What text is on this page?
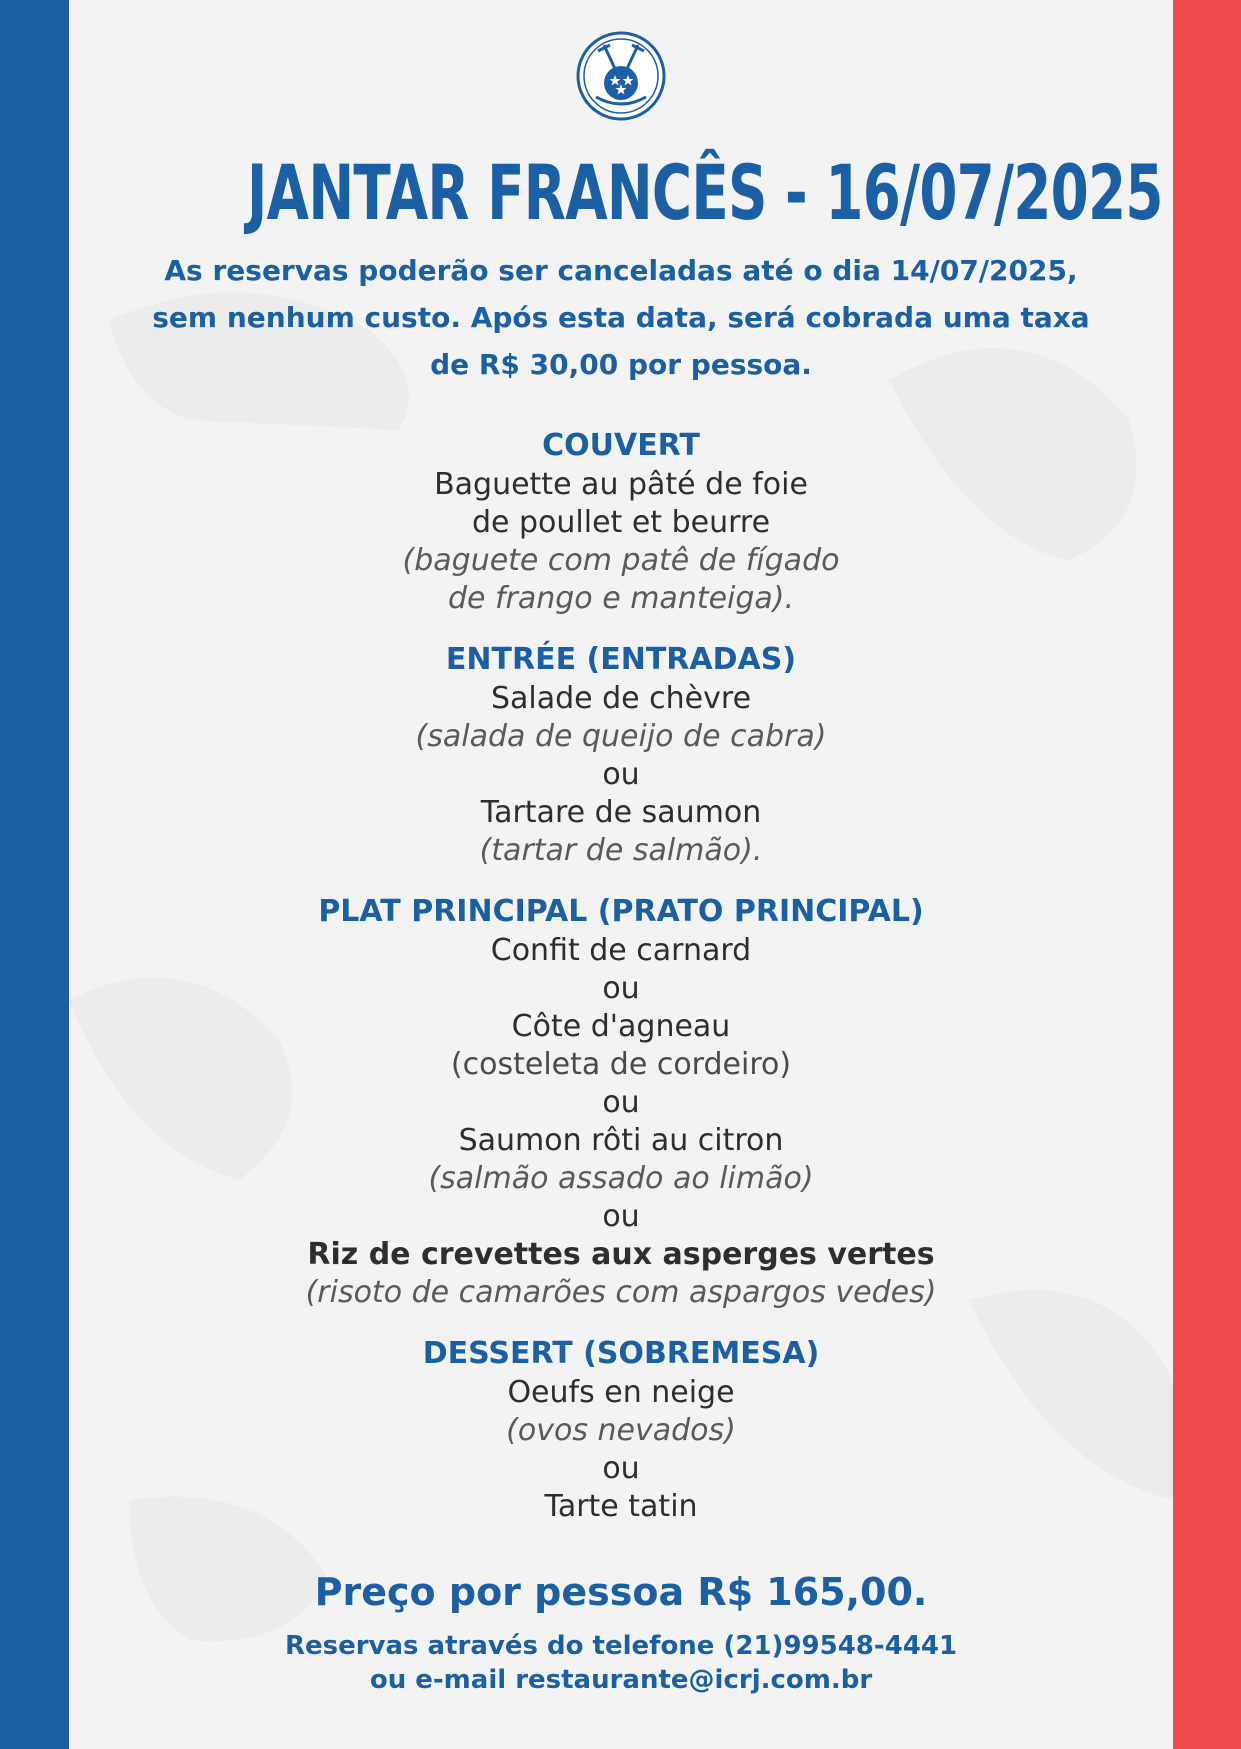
JANTAR FRANCÊS - 16/07/2025
As reservas poderão ser canceladas até o dia 14/07/2025,
sem nenhum custo. Após esta data, será cobrada uma taxa
de R$ 30,00 por pessoa.
COUVERT
Baguette au pâté de foie
de poullet et beurre
(baguete com patê de fígado
de frango e manteiga).
ENTRÉE (ENTRADAS)
Salade de chèvre
(salada de queijo de cabra)
ou
Tartare de saumon
(tartar de salmão).
PLAT PRINCIPAL (PRATO PRINCIPAL)
Confit de carnard
ou
Côte d'agneau
(costeleta de cordeiro)
ou
Saumon rôti au citron
(salmão assado ao limão)
ou
Riz de crevettes aux asperges vertes
(risoto de camarões com aspargos vedes)
DESSERT (SOBREMESA)
Oeufs en neige
(ovos nevados)
ou
Tarte tatin
Preço por pessoa R$ 165,00.
Reservas através do telefone (21)99548-4441
ou e-mail restaurante@icrj.com.br
